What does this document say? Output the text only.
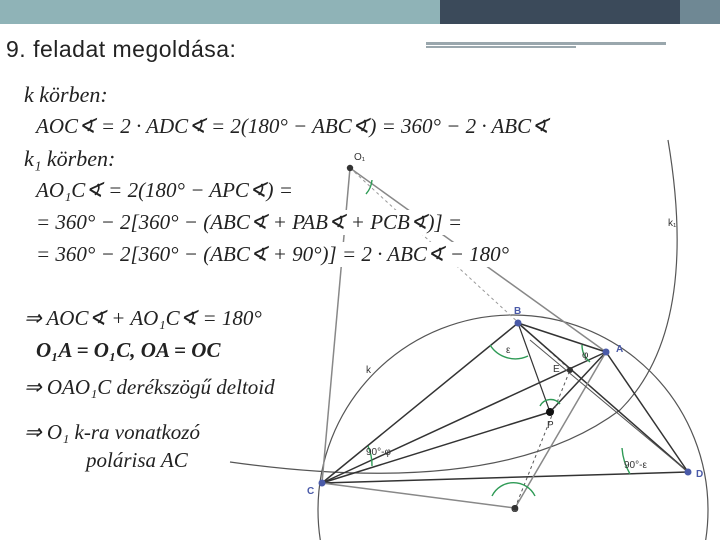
9. feladat megoldása:
O₁
k₁
B
A
E
P
k
C
D
O
ε	φ
90°-φ
90°-ε
k körben:
AOC∢ = 2 · ADC∢ = 2(180° − ABC∢) = 360° − 2 · ABC∢
k₁ körben:
AO₁C∢ = 2(180° − APC∢) =
= 360° − 2[360° − (ABC∢ + PAB∢ + PCB∢)] =
= 360° − 2[360° − (ABC∢ + 90°)] = 2 · ABC∢ − 180°
⇒ AOC∢ + AO₁C∢ = 180°
O₁A = O₁C, OA = OC
⇒ OAO₁C derékszögű deltoid
⇒ O₁ k-ra vonatkozó
polárisa AC
